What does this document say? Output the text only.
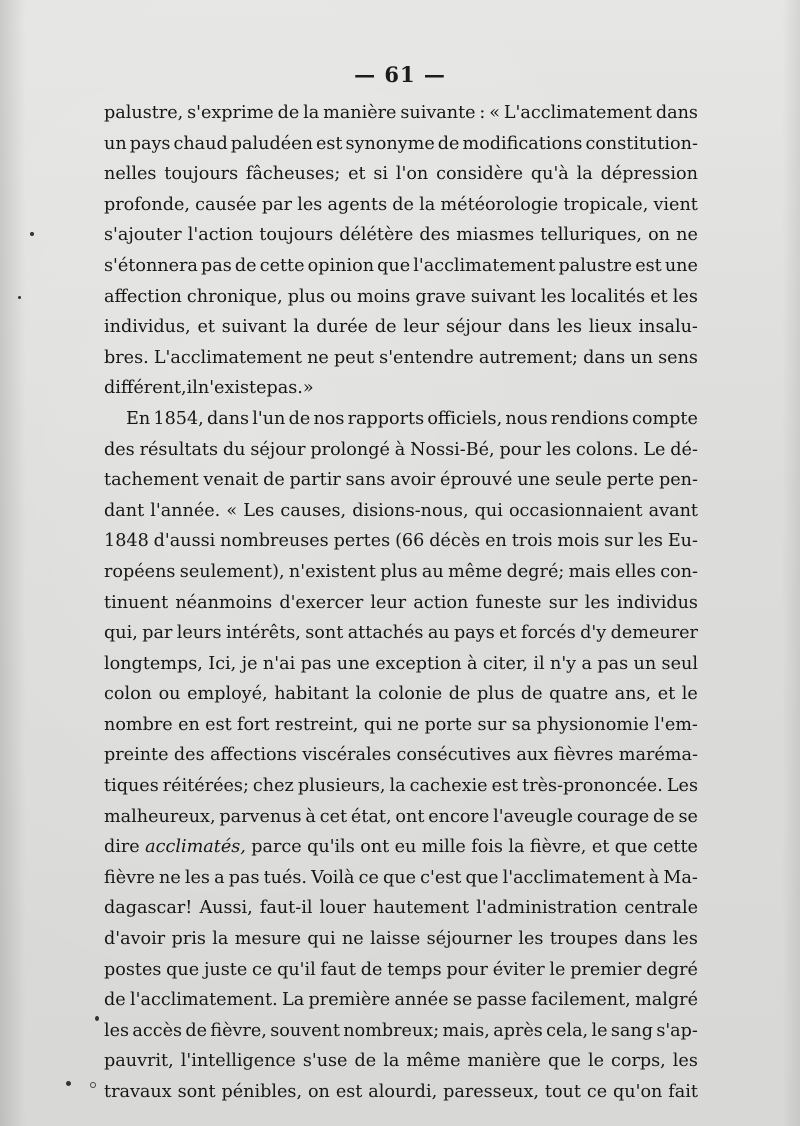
— 61 —
palustre, s'exprime de la manière suivante : « L'acclimatement dans
un pays chaud paludéen est synonyme de modifications constitution-
nelles toujours fâcheuses; et si l'on considère qu'à la dépression
profonde, causée par les agents de la météorologie tropicale, vient
s'ajouter l'action toujours délétère des miasmes telluriques, on ne
s'étonnera pas de cette opinion que l'acclimatement palustre est une
affection chronique, plus ou moins grave suivant les localités et les
individus, et suivant la durée de leur séjour dans les lieux insalu-
bres. L'acclimatement ne peut s'entendre autrement; dans un sens
différent, il n'existe pas. »
En 1854, dans l'un de nos rapports officiels, nous rendions compte
des résultats du séjour prolongé à Nossi-Bé, pour les colons. Le dé-
tachement venait de partir sans avoir éprouvé une seule perte pen-
dant l'année. « Les causes, disions-nous, qui occasionnaient avant
1848 d'aussi nombreuses pertes (66 décès en trois mois sur les Eu-
ropéens seulement), n'existent plus au même degré; mais elles con-
tinuent néanmoins d'exercer leur action funeste sur les individus
qui, par leurs intérêts, sont attachés au pays et forcés d'y demeurer
longtemps, Ici, je n'ai pas une exception à citer, il n'y a pas un seul
colon ou employé, habitant la colonie de plus de quatre ans, et le
nombre en est fort restreint, qui ne porte sur sa physionomie l'em-
preinte des affections viscérales consécutives aux fièvres maréma-
tiques réitérées; chez plusieurs, la cachexie est très-prononcée. Les
malheureux, parvenus à cet état, ont encore l'aveugle courage de se
dire acclimatés, parce qu'ils ont eu mille fois la fièvre, et que cette
fièvre ne les a pas tués. Voilà ce que c'est que l'acclimatement à Ma-
dagascar! Aussi, faut-il louer hautement l'administration centrale
d'avoir pris la mesure qui ne laisse séjourner les troupes dans les
postes que juste ce qu'il faut de temps pour éviter le premier degré
de l'acclimatement. La première année se passe facilement, malgré
les accès de fièvre, souvent nombreux; mais, après cela, le sang s'ap-
pauvrit, l'intelligence s'use de la même manière que le corps, les
travaux sont pénibles, on est alourdi, paresseux, tout ce qu'on fait
